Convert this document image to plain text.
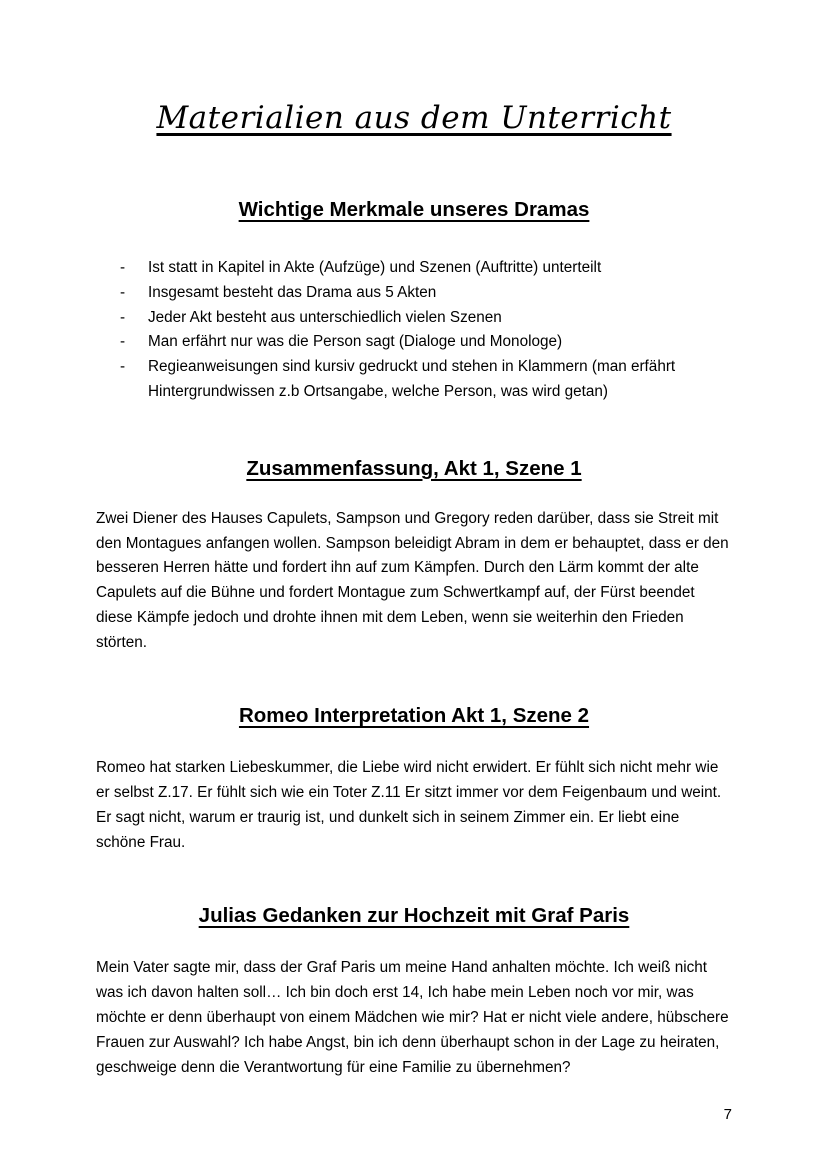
Materialien aus dem Unterricht
Wichtige Merkmale unseres Dramas
- Ist statt in Kapitel in Akte (Aufzüge) und Szenen (Auftritte) unterteilt
- Insgesamt besteht das Drama aus 5 Akten
- Jeder Akt besteht aus unterschiedlich vielen Szenen
- Man erfährt nur was die Person sagt (Dialoge und Monologe)
- Regieanweisungen sind kursiv gedruckt und stehen in Klammern (man erfährt Hintergrundwissen z.b Ortsangabe, welche Person, was wird getan)
Zusammenfassung, Akt 1, Szene 1

Zwei Diener des Hauses Capulets, Sampson und Gregory reden darüber, dass sie Streit mit den Montagues anfangen wollen. Sampson beleidigt Abram in dem er behauptet, dass er den besseren Herren hätte und fordert ihn auf zum Kämpfen. Durch den Lärm kommt der alte Capulets auf die Bühne und fordert Montague zum Schwertkampf auf, der Fürst beendet diese Kämpfe jedoch und drohte ihnen mit dem Leben, wenn sie weiterhin den Frieden störten.

Romeo Interpretation Akt 1, Szene 2

Romeo hat starken Liebeskummer, die Liebe wird nicht erwidert. Er fühlt sich nicht mehr wie er selbst Z.17. Er fühlt sich wie ein Toter Z.11 Er sitzt immer vor dem Feigenbaum und weint. Er sagt nicht, warum er traurig ist, und dunkelt sich in seinem Zimmer ein. Er liebt eine schöne Frau.

Julias Gedanken zur Hochzeit mit Graf Paris

Mein Vater sagte mir, dass der Graf Paris um meine Hand anhalten möchte. Ich weiß nicht was ich davon halten soll… Ich bin doch erst 14, Ich habe mein Leben noch vor mir, was möchte er denn überhaupt von einem Mädchen wie mir? Hat er nicht viele andere, hübschere Frauen zur Auswahl? Ich habe Angst, bin ich denn überhaupt schon in der Lage zu heiraten, geschweige denn die Verantwortung für eine Familie zu übernehmen?

7
